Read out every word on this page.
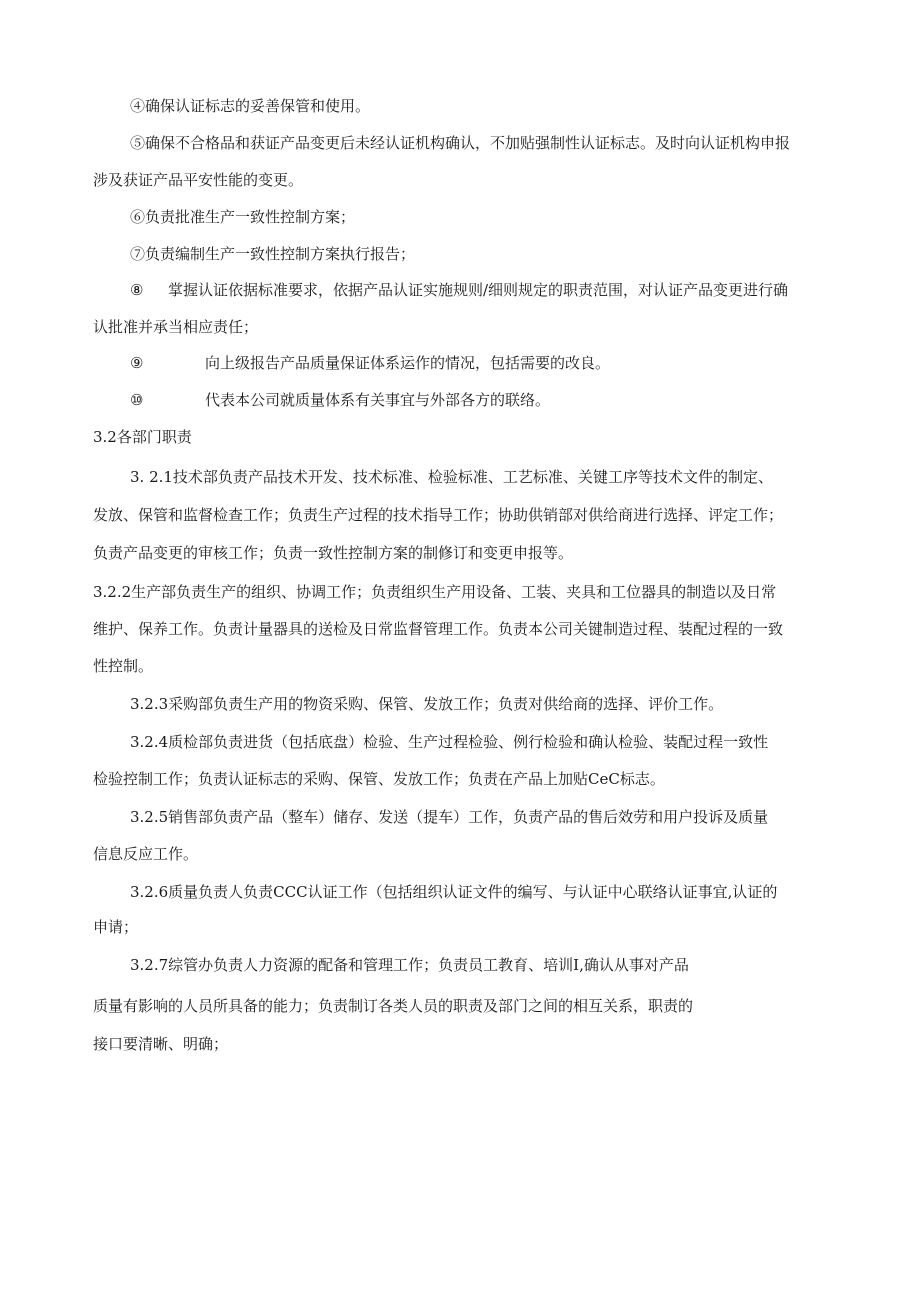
④确保认证标志的妥善保管和使用。
⑤确保不合格品和获证产品变更后未经认证机构确认，不加贴强制性认证标志。及时向认证机构申报
涉及获证产品平安性能的变更。
⑥负责批准生产一致性控制方案；
⑦负责编制生产一致性控制方案执行报告；
⑧ 掌握认证依据标准要求，依据产品认证实施规则/细则规定的职责范围，对认证产品变更进行确
认批准并承当相应责任；
⑨	向上级报告产品质量保证体系运作的情况，包括需要的改良。
⑩	代表本公司就质量体系有关事宜与外部各方的联络。
3.2各部门职责
3. 2.1技术部负责产品技术开发、技术标准、检验标准、工艺标准、关键工序等技术文件的制定、
发放、保管和监督检查工作；负责生产过程的技术指导工作；协助供销部对供给商进行选择、评定工作；
负责产品变更的审核工作；负责一致性控制方案的制修订和变更申报等。
3.2.2生产部负责生产的组织、协调工作；负责组织生产用设备、工装、夹具和工位器具的制造以及日常
维护、保养工作。负责计量器具的送检及日常监督管理工作。负责本公司关键制造过程、装配过程的一致
性控制。
3.2.3采购部负责生产用的物资采购、保管、发放工作；负责对供给商的选择、评价工作。
3.2.4质检部负责进货（包括底盘）检验、生产过程检验、例行检验和确认检验、装配过程一致性
检验控制工作；负责认证标志的采购、保管、发放工作；负责在产品上加贴CeC标志。
3.2.5销售部负责产品（整车）储存、发送（提车）工作，负责产品的售后效劳和用户投诉及质量
信息反应工作。
3.2.6质量负责人负责CCC认证工作（包括组织认证文件的编写、与认证中心联络认证事宜,认证的
申请；
3.2.7综管办负责人力资源的配备和管理工作；负责员工教育、培训I,确认从事对产品
质量有影响的人员所具备的能力；负责制订各类人员的职责及部门之间的相互关系，职责的
接口要清晰、明确；
